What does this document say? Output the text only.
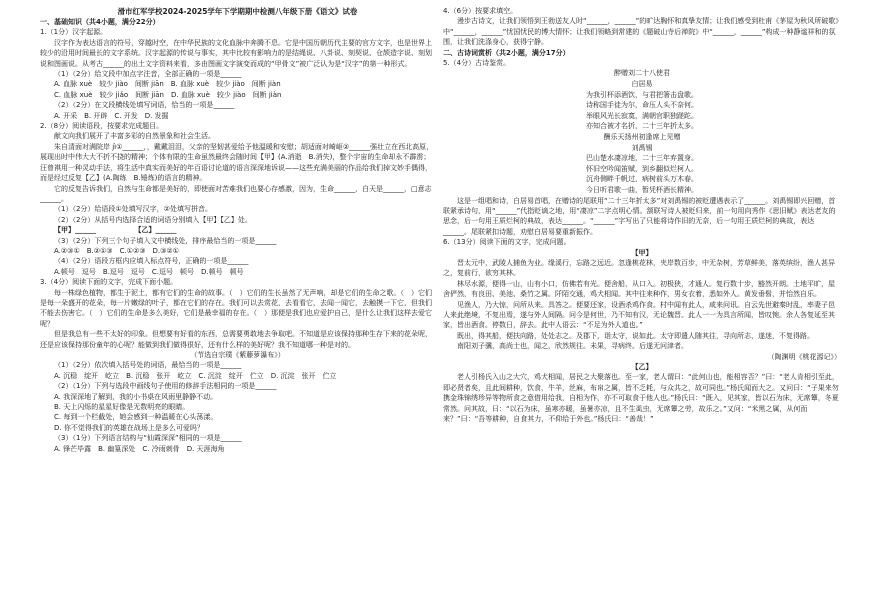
滑市红军学校2024-2025学年下学期期中检测八年级下册《语文》试卷
一、基础知识（共4小题，满分22分）
1.（1分）汉字起源。
汉字作为表达语言的符号，穿越时空，在中华民族的文化血脉中奔腾不息。它是中国历朝历代主要的官方文字，也是世界上较少的沿用时间最长的文字系统。汉字起源的传说与事实，其中比较有影响力的是结绳说、八卦说、刻契说、仓颉造字说、刻划说和图画说。从考古______的出土文字资料来看，多由图画文字演变而成的“甲骨文”被广泛认为是“汉字”的第一种形式。
（1）（2分）给文段中加点字注音，全部正确的一项是______
A. 血脉 xuè　较少 jiào　间断 jiān　B. 血脉 xuè　较少 jiào　间断 jiàn
C. 血脉 xuè　较少 jiǎo　间断 jiān　D. 血脉 xuè　较少 jiào　间断 jiàn
（2）（2分）在文段横线处填写词语，恰当的一项是______
A. 开采　B. 开辟　C. 开发　D. 发掘
2.（8分）阅读语段，按要求完成题目。
献文向我们展开了丰富多彩的自然景象和社会生活。
朱自清面对满院岸 jì①______，，戴戴泪泪，父亲的坚韧甚爱给予他温暖和安慰；胡适面对崎岖②______强壮立在西北高原，展现出时中伟大大不折不挠的精神；个体有限的生命虽然最终会随时间【甲】(A.消逝　B.消失)，整个宇宙的生命却永不霹雳；汪曾祺用一种灵动手法，将生活中真实而美好的年百语讨论道的语言深深地诉说——这些充满美丽的作品给我们掉文妙手偶得，而是经过反复【乙】(A.陶练　B.锤炼)的语言的精神。
它的反复告诉我们，自然与生命都是美好的，即使面对苦难我们也要心存感激，因为，生命______，白天是______，□意志______。
（1）（2分）给语段①处填写汉字，②处填写拼音。
（2）（2分）从括号内选择合适的词语分别填入【甲】【乙】处。
【甲】______　　　　　　【乙】______
（3）（2分）下列三个句子填入文中横线处，排序最恰当的一项是______
A.②③①　B.②①③　C.①②③　D.③②①
（4）（2分）语段方框内应填入标点符号，正确的一项是______
A.顿号　逗号　B.逗号　逗号　C.逗号　顿号　D.顿号　顿号
3.（4分）阅读下面的文字，完成下面小题。
每一株绿色植物，都生于泥土，都有它们的生命的故事。（　）它们的生长虽然了无声响，却是它们的生命之歌。（　）它们是每一朵盛开的花朵，每一片嫩绿的叶子，都在它们的存在。我们可以去赏花，去看看它，去闻一闻它，去触摸一下它，但我们不能去伤害它。（　）它们的生命是多么美好，它们是最幸福的存在。（　）那便是我们也应爱护自己，是什么让我们这样去爱它呢？
但是我总有一些不太好的印象。但想要有好看的东西，总需要勇敢地去争取吧。不知道是应该保持那种生存下来的花朵呢，还是应该保持那份童年的心呢？能做到我们做得很好，还有什么样的美好呢？我不知道哪一种是对的。
（节选自宗璞《紫藤萝瀑布》）
（1）（2分）依次填入括号处的词语，最恰当的一项是______
A. 沉稳　绽开　屹立　B. 沉稳　张开　屹立　C. 沉淀　绽开　伫立　D. 沉淀　张开　伫立
（2）（1分）下列与选段中画线句子使用的修辞手法相同的一项是______
A. 我深深地了解到，我的小书桌在风雨里静静不动。
B. 天上闪烁的星星好像是无数明亮的眼睛。
C. 每到一个栏截处，她会感到一种温暖在心头荡漾。
D. 你不觉得我们的英雄在战场上是多么可爱吗？
（3）（1分）下列语言结构与“仙霞深深”相同的一项是______
A. 锋芒毕露　B. 幽篁深处　C. 冷雨刺骨　D. 天涯海角
4.（6分）按要求填空。
漫步古诗文，让我们领悟到王勃送友人时“______，______”的旷达胸怀和真挚友情；让我们感受到杜甫《茅屋为秋风所破歌》中“______，______”忧国忧民的博大情怀；让我们领略到常建的《题破山寺后禅院》中“______，______”构成一种静谧祥和的氛围，让我们洗涤身心，获得宁静。
二、古诗词赏析（共2小题，满分17分）
5.（4分）古诗鉴赏。
醉赠刘二十八使君
白居易
为我引杯添酒饮，与君把箸击盘歌。
诗称国手徒为尔，命压人头不奈何。
举眼风光长寂寞，满朝官职独蹉跎。
亦知合被才名折，二十三年折太多。
酬乐天扬州初逢席上见赠
刘禹锡
巴山楚水凄凉地，二十三年弃置身。
怀旧空吟闻笛赋，到乡翻似烂柯人。
沉舟侧畔千帆过，病树前头万木春。
今日听君歌一曲，暂凭杯酒长精神。
这是一组唱和诗，白居易首唱，在赠诗的尾联用“二十三年折太多”对刘禹锡的被贬遭遇表示了______。刘禹锡即兴回赠，首联紧承诗句，用“______”代指贬谪之地，用“凄凉”二字点明心情。颔联写诗人被贬归来，前一句用向秀作《思旧赋》表达老友的思念，后一句用王质烂柯的典故，表达______。“______”字写出了只能将诗作旧的无奈，后一句用王质烂柯的典故，表达______。尾联紧扣诗题，劝慰白居易要重新振作。
6.（13分）阅读下面的文字，完成问题。
【甲】
晋太元中，武陵人捕鱼为业。缘溪行，忘路之远近。忽逢桃花林，夹岸数百步，中无杂树，芳草鲜美，落英缤纷，渔人甚异之，复前行，欲穷其林。
林尽水源，便得一山，山有小口，仿佛若有光。便舍船，从口入。初极狭，才通人。复行数十步，豁然开朗。土地平旷，屋舍俨然，有良田、美池、桑竹之属。阡陌交通，鸡犬相闻。其中往来种作，男女衣着，悉如外人。黄发垂髫，并怡然自乐。
见渔人，乃大惊，问所从来。具答之。便要还家，设酒杀鸡作食。村中闻有此人，咸来问讯。自云先世避秦时乱，率妻子邑人来此绝境，不复出焉，遂与外人间隔。问今是何世，乃不知有汉，无论魏晋。此人一一为具言所闻，皆叹惋。余人各复延至其家，皆出酒食。停数日，辞去。此中人语云：“不足为外人道也。”
既出，得其船，便扶向路，处处志之。及郡下，诣太守，说如此。太守即遣人随其往，寻向所志，遂迷，不复得路。
南阳刘子骥，高尚士也，闻之，欣然规往。未果，寻病终。后遂无问津者。
（陶渊明《桃花源记》）
【乙】
老人引杨氏入山之大穴，鸡犬相闻，居民之大聚落也。至一家，老人谓曰：“此何山也，能相容否？”曰：“老人肯相引至此，即必贤者矣，且此间耕种，饮食，牛羊，丝麻，布帛之属，皆不乏耗，与众共之，故可同也。”杨氏闻而大之。又问曰：“子果来勿携金珠锦绣珍异等物所食之意借用给我，自相为作，亦不可取食于他人也。”杨氏曰：“既入，见其家，皆以石为床，无席簟，冬夏常然。问其故，曰：“以石为床，虽寒亦暖，虽暑亦凉，且不生虱虫，无席簟之劳，故乐之。”又问：“米黑之属，从何而来？”曰：“吾等耕种，自食其力，不仰给于外也。”杨氏曰：“善哉！”
